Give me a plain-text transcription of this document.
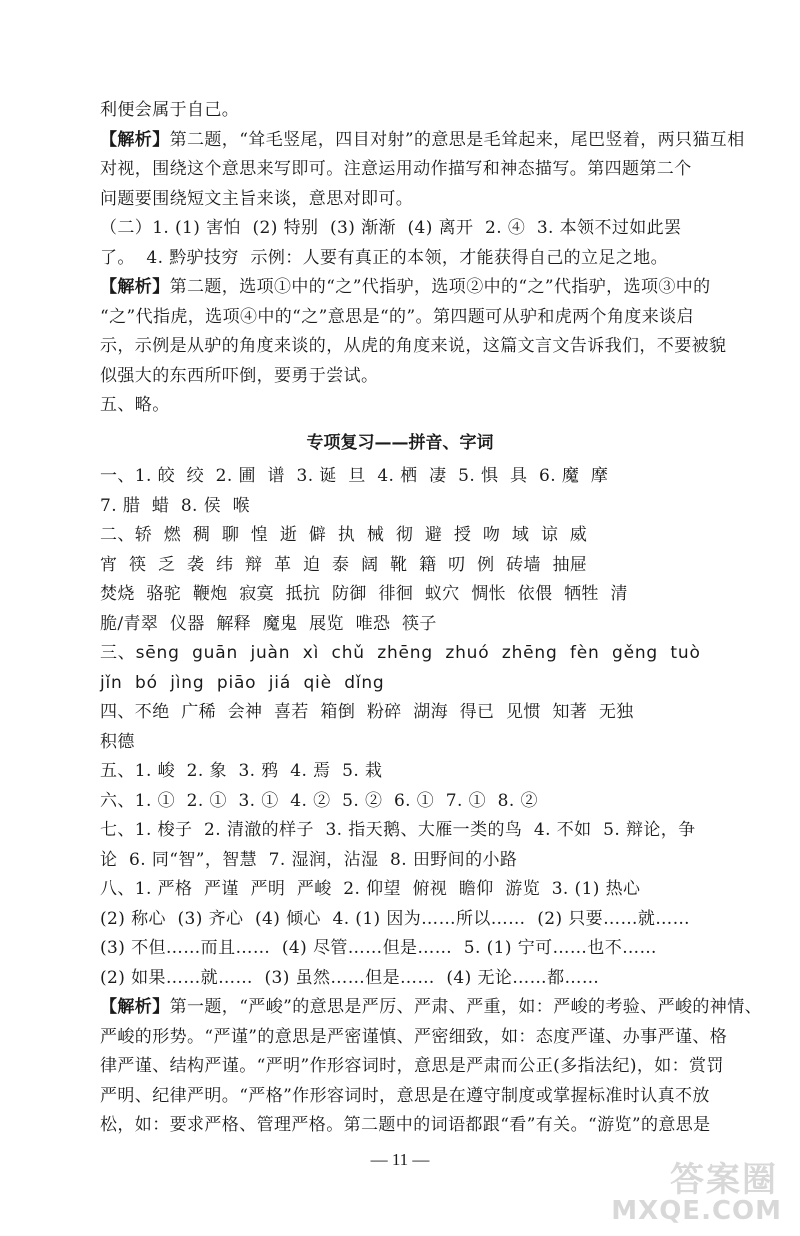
利便会属于自己。
【解析】第二题，“耸毛竖尾，四目对射”的意思是毛耸起来，尾巴竖着，两只猫互相
对视，围绕这个意思来写即可。注意运用动作描写和神态描写。第四题第二个
问题要围绕短文主旨来谈，意思对即可。
（二）1. (1) 害怕  (2) 特别  (3) 渐渐  (4) 离开  2. ④  3. 本领不过如此罢
了。  4. 黔驴技穷  示例：人要有真正的本领，才能获得自己的立足之地。
【解析】第二题，选项①中的“之”代指驴，选项②中的“之”代指驴，选项③中的
“之”代指虎，选项④中的“之”意思是“的”。第四题可从驴和虎两个角度来谈启
示，示例是从驴的角度来谈的，从虎的角度来说，这篇文言文告诉我们，不要被貌
似强大的东西所吓倒，要勇于尝试。
五、略。
专项复习——拼音、字词
一、1. 皎  绞  2. 圃  谱  3. 诞  旦  4. 栖  凄  5. 惧  具  6. 魔  摩
7. 腊  蜡  8. 侯  喉
二、轿  燃  稠  聊  惶  逝  僻  执  械  彻  避  授  吻  域  谅  威
宵  筷  乏  袭  纬  辩  革  迫  泰  阔  靴  籍  叨  例  砖墙  抽屉
焚烧  骆驼  鞭炮  寂寞  抵抗  防御  徘徊  蚁穴  惆怅  依偎  牺牲  清
脆/青翠  仪器  解释  魔鬼  展览  唯恐  筷子
三、sēng  guān  juàn  xì  chǔ  zhēng  zhuó  zhēng  fèn  gěng  tuò
jǐn  bó  jìng  piāo  jiá  qiè  dǐng
四、不绝  广稀  会神  喜若  箱倒  粉碎  湖海  得已  见惯  知著  无独
积德
五、1. 峻  2. 象  3. 鸦  4. 焉  5. 栽
六、1. ①  2. ①  3. ①  4. ②  5. ②  6. ①  7. ①  8. ②
七、1. 梭子  2. 清澈的样子  3. 指天鹅、大雁一类的鸟  4. 不如  5. 辩论，争
论  6. 同“智”，智慧  7. 湿润，沾湿  8. 田野间的小路
八、1. 严格  严谨  严明  严峻  2. 仰望  俯视  瞻仰  游览  3. (1) 热心
(2) 称心  (3) 齐心  (4) 倾心  4. (1) 因为……所以……  (2) 只要……就……
(3) 不但……而且……  (4) 尽管……但是……  5. (1) 宁可……也不……
(2) 如果……就……  (3) 虽然……但是……  (4) 无论……都……
【解析】第一题，“严峻”的意思是严厉、严肃、严重，如：严峻的考验、严峻的神情、
严峻的形势。“严谨”的意思是严密谨慎、严密细致，如：态度严谨、办事严谨、格
律严谨、结构严谨。“严明”作形容词时，意思是严肃而公正(多指法纪)，如：赏罚
严明、纪律严明。“严格”作形容词时，意思是在遵守制度或掌握标准时认真不放
松，如：要求严格、管理严格。第二题中的词语都跟“看”有关。“游览”的意思是
— 11 —
答案圈
MXQE.COM
